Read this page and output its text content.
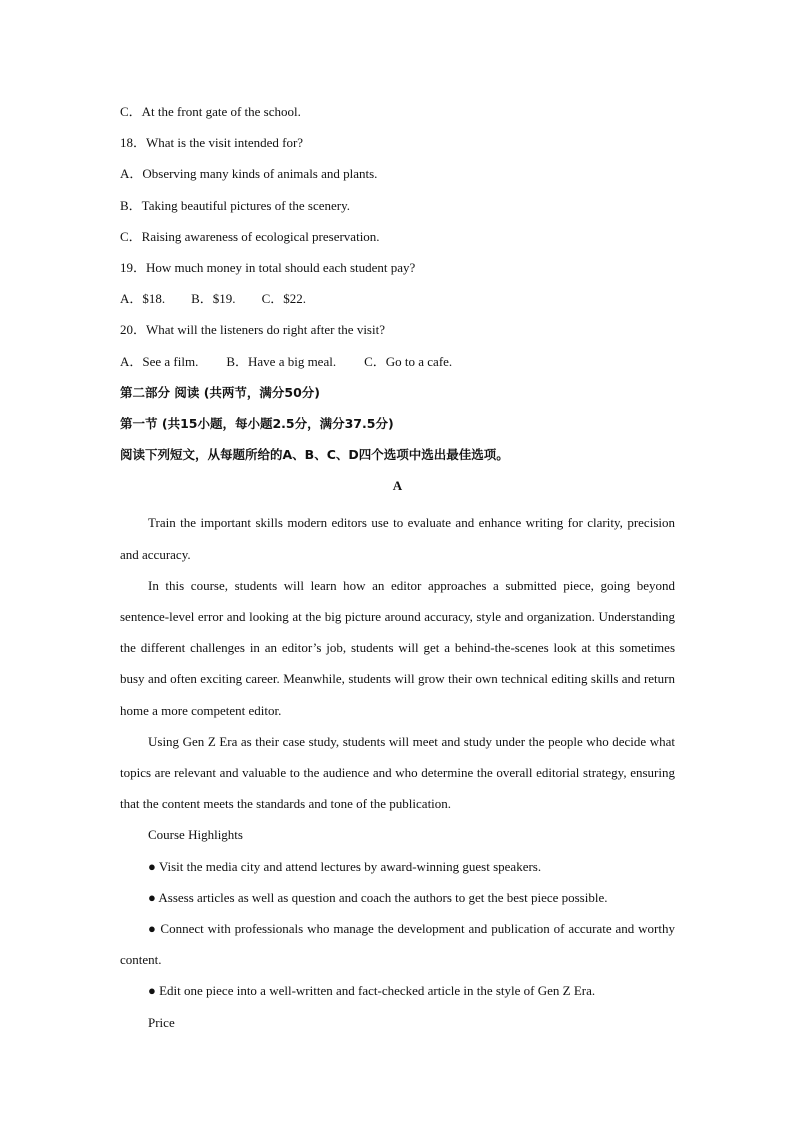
C．At the front gate of the school.
18．What is the visit intended for?
A．Observing many kinds of animals and plants.
B．Taking beautiful pictures of the scenery.
C．Raising awareness of ecological preservation.
19．How much money in total should each student pay?
A．$18. B．$19. C．$22.
20．What will the listeners do right after the visit?
A．See a film. B．Have a big meal. C．Go to a cafe.
第二部分 阅读 (共两节，满分50分)
第一节 (共15小题，每小题2.5分，满分37.5分)
阅读下列短文，从每题所给的A、B、C、D四个选项中选出最佳选项。
A
Train the important skills modern editors use to evaluate and enhance writing for clarity, precision and accuracy.
In this course, students will learn how an editor approaches a submitted piece, going beyond sentence-level error and looking at the big picture around accuracy, style and organization. Understanding the different challenges in an editor’s job, students will get a behind-the-scenes look at this sometimes busy and often exciting career. Meanwhile, students will grow their own technical editing skills and return home a more competent editor.
Using Gen Z Era as their case study, students will meet and study under the people who decide what topics are relevant and valuable to the audience and who determine the overall editorial strategy, ensuring that the content meets the standards and tone of the publication.
Course Highlights
● Visit the media city and attend lectures by award-winning guest speakers.
● Assess articles as well as question and coach the authors to get the best piece possible.
● Connect with professionals who manage the development and publication of accurate and worthy content.
● Edit one piece into a well-written and fact-checked article in the style of Gen Z Era.
Price
